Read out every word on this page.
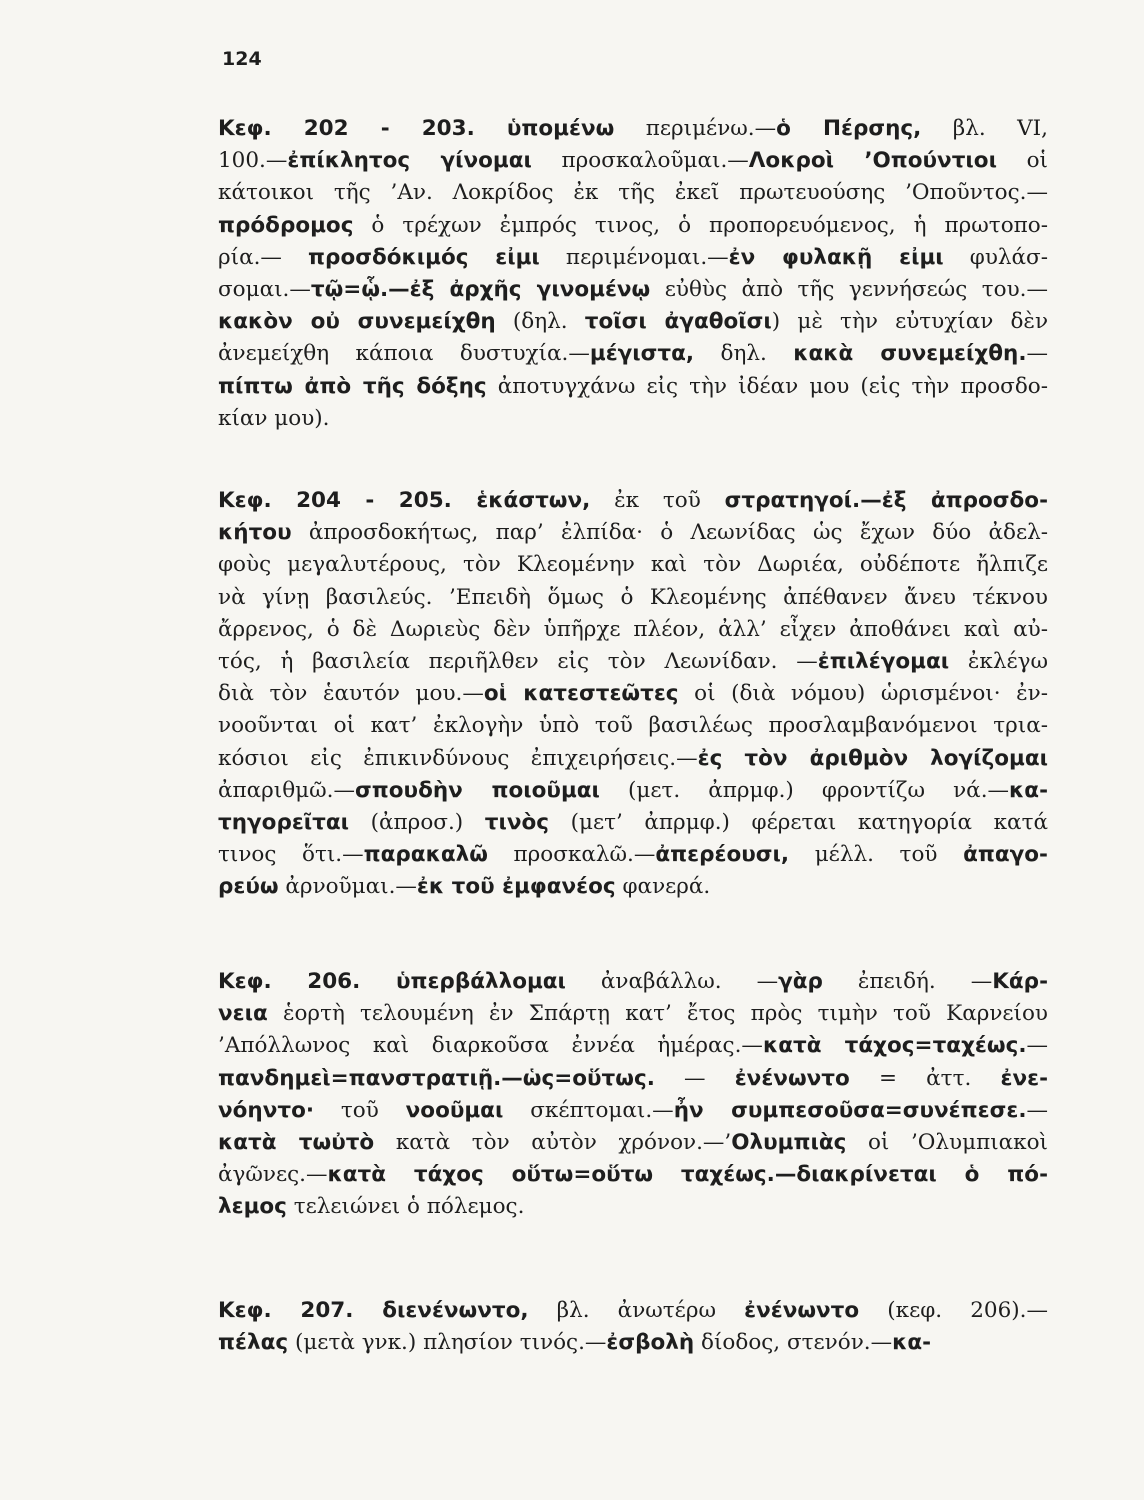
124
Κεφ. 202 - 203. ὑπομένω περιμένω.—ὁ Πέρσης, βλ. VI,
100.—ἐπίκλητος γίνομαι προσκαλοῦμαι.—Λοκροὶ ’Οπούντιοι οἱ
κάτοικοι τῆς ’Αν. Λοκρίδος ἐκ τῆς ἐκεῖ πρωτευούσης ’Οποῦντος.—
πρόδρομος ὁ τρέχων ἐμπρός τινος, ὁ προπορευόμενος, ἡ πρωτοπο-
ρία.— προσδόκιμός εἰμι περιμένομαι.—ἐν φυλακῇ εἰμι φυλάσ-
σομαι.—τῷ=ᾧ.—ἐξ ἀρχῆς γινομένῳ εὐθὺς ἀπὸ τῆς γεννήσεώς του.—
κακὸν οὐ συνεμείχθη (δηλ. τοῖσι ἀγαθοῖσι) μὲ τὴν εὐτυχίαν δὲν
ἀνεμείχθη κάποια δυστυχία.—μέγιστα, δηλ. κακὰ συνεμείχθη.—
πίπτω ἀπὸ τῆς δόξης ἀποτυγχάνω εἰς τὴν ἰδέαν μου (εἰς τὴν προσδο-
κίαν μου).
Κεφ. 204 - 205. ἑκάστων, ἐκ τοῦ στρατηγοί.—ἐξ ἀπροσδο-
κήτου ἀπροσδοκήτως, παρ’ ἐλπίδα· ὁ Λεωνίδας ὡς ἔχων δύο ἀδελ-
φοὺς μεγαλυτέρους, τὸν Κλεομένην καὶ τὸν Δωριέα, οὐδέποτε ἤλπιζε
νὰ γίνῃ βασιλεύς. ’Επειδὴ ὅμως ὁ Κλεομένης ἀπέθανεν ἄνευ τέκνου
ἄρρενος, ὁ δὲ Δωριεὺς δὲν ὑπῆρχε πλέον, ἀλλ’ εἶχεν ἀποθάνει καὶ αὐ-
τός, ἡ βασιλεία περιῆλθεν εἰς τὸν Λεωνίδαν. —ἐπιλέγομαι ἐκλέγω
διὰ τὸν ἑαυτόν μου.—οἱ κατεστεῶτες οἱ (διὰ νόμου) ὡρισμένοι· ἐν-
νοοῦνται οἱ κατ’ ἐκλογὴν ὑπὸ τοῦ βασιλέως προσλαμβανόμενοι τρια-
κόσιοι εἰς ἐπικινδύνους ἐπιχειρήσεις.—ἐς τὸν ἀριθμὸν λογίζομαι
ἀπαριθμῶ.—σπουδὴν ποιοῦμαι (μετ. ἀπρμφ.) φροντίζω νά.—κα-
τηγορεῖται (ἀπροσ.) τινὸς (μετ’ ἀπρμφ.) φέρεται κατηγορία κατά
τινος ὅτι.—παρακαλῶ προσκαλῶ.—ἀπερέουσι, μέλλ. τοῦ ἀπαγο-
ρεύω ἀρνοῦμαι.—ἐκ τοῦ ἐμφανέος φανερά.
Κεφ. 206. ὑπερβάλλομαι ἀναβάλλω. —γὰρ ἐπειδή. —Κάρ-
νεια ἑορτὴ τελουμένη ἐν Σπάρτῃ κατ’ ἔτος πρὸς τιμὴν τοῦ Καρνείου
’Απόλλωνος καὶ διαρκοῦσα ἐννέα ἡμέρας.—κατὰ τάχος=ταχέως.—
πανδημεὶ=πανστρατιῇ.—ὡς=οὕτως. — ἐνένωντο = ἀττ. ἐνε-
νόηντο· τοῦ νοοῦμαι σκέπτομαι.—ἦν συμπεσοῦσα=συνέπεσε.—
κατὰ τωὐτὸ κατὰ τὸν αὐτὸν χρόνον.—’Ολυμπιὰς οἱ ’Ολυμπιακοὶ
ἀγῶνες.—κατὰ τάχος οὕτω=οὕτω ταχέως.—διακρίνεται ὁ πό-
λεμος τελειώνει ὁ πόλεμος.
Κεφ. 207. διενένωντο, βλ. ἀνωτέρω ἐνένωντο (κεφ. 206).—
πέλας (μετὰ γνκ.) πλησίον τινός.—ἐσβολὴ δίοδος, στενόν.—κα-
